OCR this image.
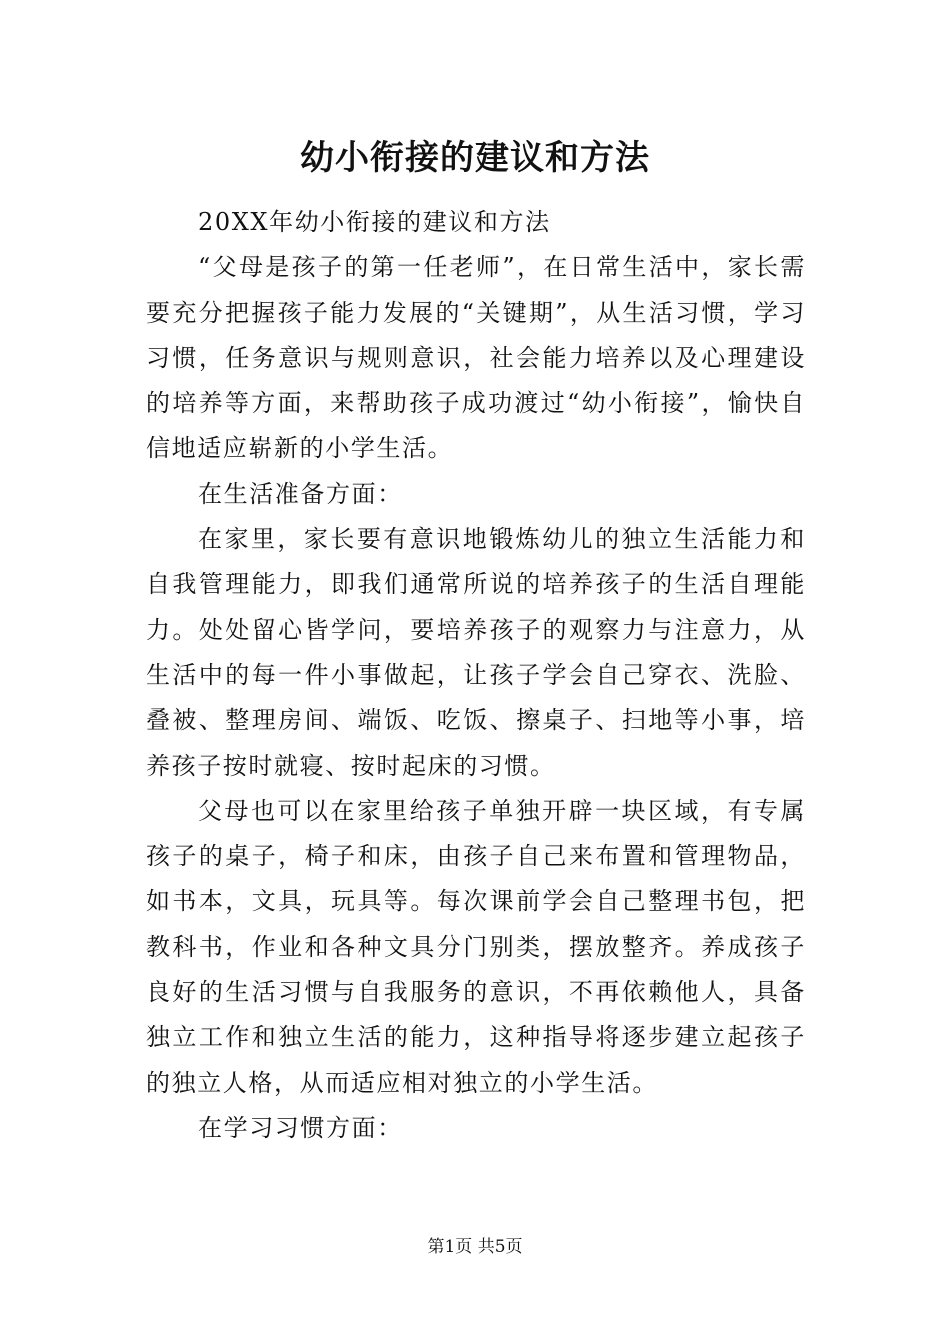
幼小衔接的建议和方法

20XX年幼小衔接的建议和方法

“父母是孩子的第一任老师”，在日常生活中，家长需要充分把握孩子能力发展的“关键期”，从生活习惯，学习习惯，任务意识与规则意识，社会能力培养以及心理建设的培养等方面，来帮助孩子成功渡过“幼小衔接”，愉快自信地适应崭新的小学生活。

在生活准备方面：

在家里，家长要有意识地锻炼幼儿的独立生活能力和自我管理能力，即我们通常所说的培养孩子的生活自理能力。处处留心皆学问，要培养孩子的观察力与注意力，从生活中的每一件小事做起，让孩子学会自己穿衣、洗脸、叠被、整理房间、端饭、吃饭、擦桌子、扫地等小事，培养孩子按时就寝、按时起床的习惯。

父母也可以在家里给孩子单独开辟一块区域，有专属孩子的桌子，椅子和床，由孩子自己来布置和管理物品，如书本，文具，玩具等。每次课前学会自己整理书包，把教科书，作业和各种文具分门别类，摆放整齐。养成孩子良好的生活习惯与自我服务的意识，不再依赖他人，具备独立工作和独立生活的能力，这种指导将逐步建立起孩子的独立人格，从而适应相对独立的小学生活。

在学习习惯方面：

第1页 共5页
